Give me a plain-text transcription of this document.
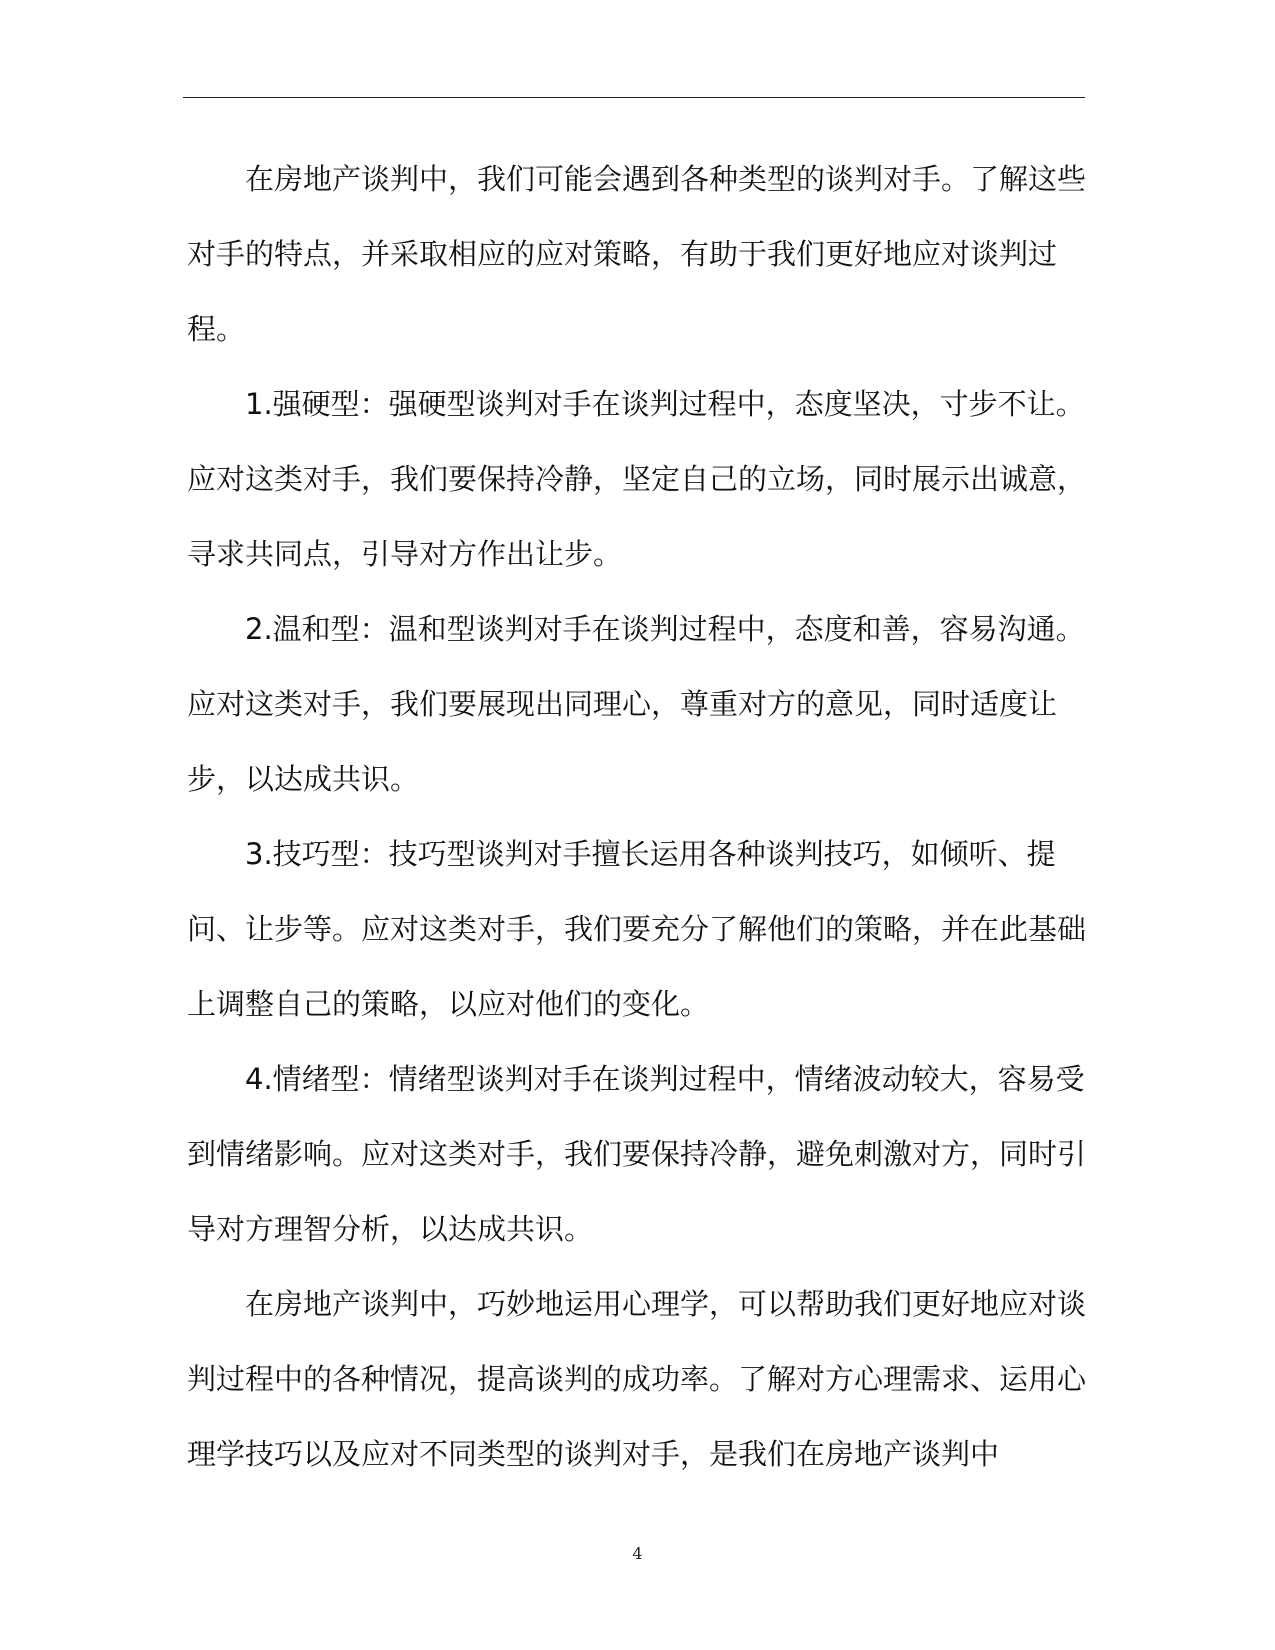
在房地产谈判中，我们可能会遇到各种类型的谈判对手。了解这些对手的特点，并采取相应的应对策略，有助于我们更好地应对谈判过程。

1.强硬型：强硬型谈判对手在谈判过程中，态度坚决，寸步不让。应对这类对手，我们要保持冷静，坚定自己的立场，同时展示出诚意，寻求共同点，引导对方作出让步。

2.温和型：温和型谈判对手在谈判过程中，态度和善，容易沟通。应对这类对手，我们要展现出同理心，尊重对方的意见，同时适度让步，以达成共识。

3.技巧型：技巧型谈判对手擅长运用各种谈判技巧，如倾听、提问、让步等。应对这类对手，我们要充分了解他们的策略，并在此基础上调整自己的策略，以应对他们的变化。

4.情绪型：情绪型谈判对手在谈判过程中，情绪波动较大，容易受到情绪影响。应对这类对手，我们要保持冷静，避免刺激对方，同时引导对方理智分析，以达成共识。

在房地产谈判中，巧妙地运用心理学，可以帮助我们更好地应对谈判过程中的各种情况，提高谈判的成功率。了解对方心理需求、运用心理学技巧以及应对不同类型的谈判对手，是我们在房地产谈判中

4
